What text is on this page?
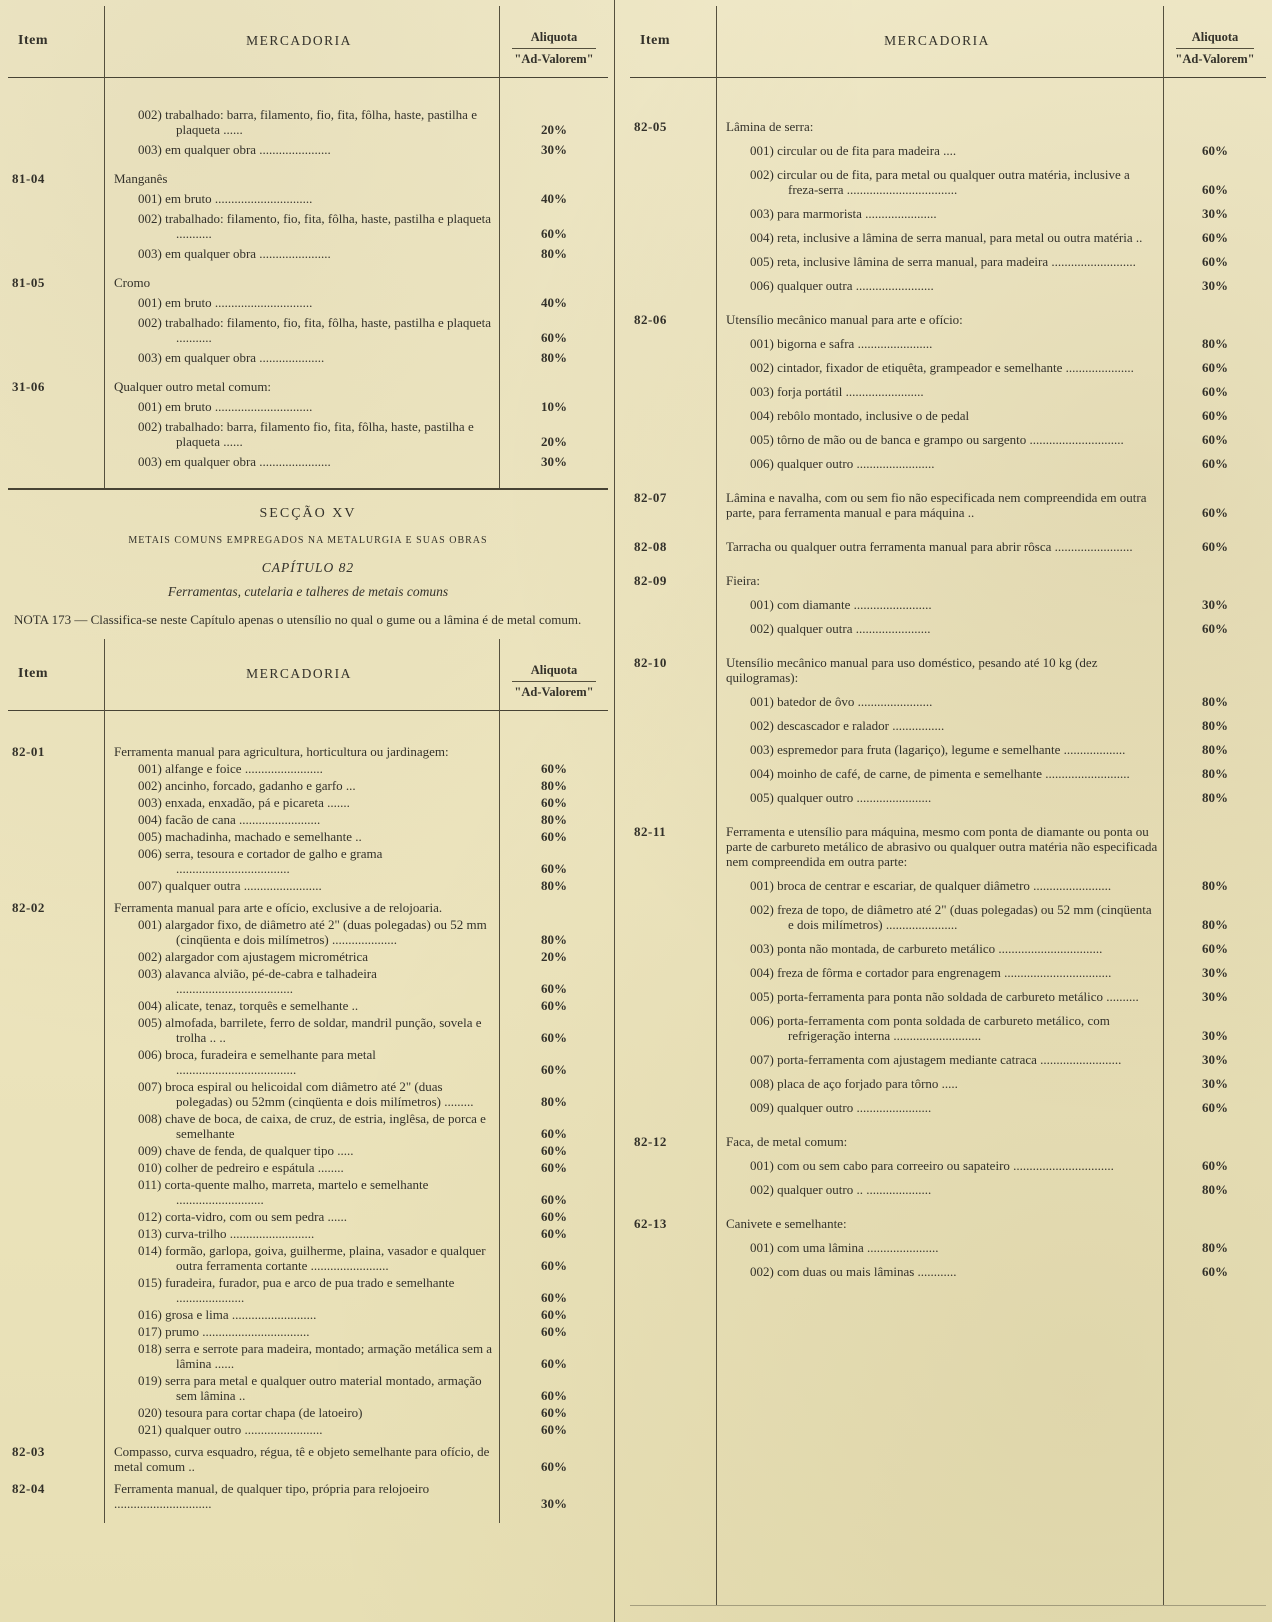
Item	MERCADORIA	Aliquota
"Ad-Valorem"
002) trabalhado: barra, filamento, fio, fita, fôlha, haste, pastilha e plaqueta ......	20%
003) em qualquer obra ......................	30%
81-04	Manganês
001) em bruto ..............................	40%
002) trabalhado: filamento, fio, fita, fôlha, haste, pastilha e plaqueta ...........	60%
003) em qualquer obra ......................	80%
81-05	Cromo
001) em bruto ..............................	40%
002) trabalhado: filamento, fio, fita, fôlha, haste, pastilha e plaqueta ...........	60%
003) em qualquer obra ....................	80%
31-06	Qualquer outro metal comum:
001) em bruto ..............................	10%
002) trabalhado: barra, filamento fio, fita, fôlha, haste, pastilha e plaqueta ......	20%
003) em qualquer obra ......................	30%
SECÇÃO XV
METAIS COMUNS EMPREGADOS NA METALURGIA E SUAS OBRAS
CAPÍTULO 82
Ferramentas, cutelaria e talheres de metais comuns
NOTA 173 — Classifica-se neste Capítulo apenas o utensílio no qual o gume ou a lâmina é de metal comum.
Item	MERCADORIA	Aliquota
"Ad-Valorem"
82-01	Ferramenta manual para agricultura, horticultura ou jardinagem:
001) alfange e foice ........................	60%
002) ancinho, forcado, gadanho e garfo ...	80%
003) enxada, enxadão, pá e picareta .......	60%
004) facão de cana .........................	80%
005) machadinha, machado e semelhante ..	60%
006) serra, tesoura e cortador de galho e grama ...................................	60%
007) qualquer outra ........................	80%
82-02	Ferramenta manual para arte e ofício, exclusive a de relojoaria.
001) alargador fixo, de diâmetro até 2" (duas polegadas) ou 52 mm (cinqüenta e dois milímetros) ....................	80%
002) alargador com ajustagem micrométrica	20%
003) alavanca alvião, pé-de-cabra e talhadeira ....................................	60%
004) alicate, tenaz, torquês e semelhante ..	60%
005) almofada, barrilete, ferro de soldar, mandril punção, sovela e trolha .. ..	60%
006) broca, furadeira e semelhante para metal .....................................	60%
007) broca espiral ou helicoidal com diâmetro até 2" (duas polegadas) ou 52mm (cinqüenta e dois milímetros) .........	80%
008) chave de boca, de caixa, de cruz, de estria, inglêsa, de porca e semelhante	60%
009) chave de fenda, de qualquer tipo .....	60%
010) colher de pedreiro e espátula ........	60%
011) corta-quente malho, marreta, martelo e semelhante ...........................	60%
012) corta-vidro, com ou sem pedra ......	60%
013) curva-trilho ..........................	60%
014) formão, garlopa, goiva, guilherme, plaina, vasador e qualquer outra ferramenta cortante ........................	60%
015) furadeira, furador, pua e arco de pua trado e semelhante .....................	60%
016) grosa e lima ..........................	60%
017) prumo .................................	60%
018) serra e serrote para madeira, montado; armação metálica sem a lâmina ......	60%
019) serra para metal e qualquer outro material montado, armação sem lâmina ..	60%
020) tesoura para cortar chapa (de latoeiro)	60%
021) qualquer outro ........................	60%
82-03	Compasso, curva esquadro, régua, tê e objeto semelhante para ofício, de metal comum ..	60%
82-04	Ferramenta manual, de qualquer tipo, própria para relojoeiro ..............................	30%
Item	MERCADORIA	Aliquota
"Ad-Valorem"
82-05	Lâmina de serra:
001) circular ou de fita para madeira ....	60%
002) circular ou de fita, para metal ou qualquer outra matéria, inclusive a freza-serra ..................................	60%
003) para marmorista ......................	30%
004) reta, inclusive a lâmina de serra manual, para metal ou outra matéria ..	60%
005) reta, inclusive lâmina de serra manual, para madeira ..........................	60%
006) qualquer outra ........................	30%
82-06	Utensílio mecânico manual para arte e ofício:
001) bigorna e safra .......................	80%
002) cintador, fixador de etiquêta, grampeador e semelhante .....................	60%
003) forja portátil ........................	60%
004) rebôlo montado, inclusive o de pedal	60%
005) tôrno de mão ou de banca e grampo ou sargento .............................	60%
006) qualquer outro ........................	60%
82-07	Lâmina e navalha, com ou sem fio não especificada nem compreendida em outra parte, para ferramenta manual e para máquina ..	60%
82-08	Tarracha ou qualquer outra ferramenta manual para abrir rôsca ........................	60%
82-09	Fieira:
001) com diamante ........................	30%
002) qualquer outra .......................	60%
82-10	Utensílio mecânico manual para uso doméstico, pesando até 10 kg (dez quilogramas):
001) batedor de ôvo .......................	80%
002) descascador e ralador ................	80%
003) espremedor para fruta (lagariço), legume e semelhante ...................	80%
004) moinho de café, de carne, de pimenta e semelhante ..........................	80%
005) qualquer outro .......................	80%
82-11	Ferramenta e utensílio para máquina, mesmo com ponta de diamante ou ponta ou parte de carbureto metálico de abrasivo ou qualquer outra matéria não especificada nem compreendida em outra parte:
001) broca de centrar e escariar, de qualquer diâmetro ........................	80%
002) freza de topo, de diâmetro até 2" (duas polegadas) ou 52 mm (cinqüenta e dois milímetros) ......................	80%
003) ponta não montada, de carbureto metálico ................................	60%
004) freza de fôrma e cortador para engrenagem .................................	30%
005) porta-ferramenta para ponta não soldada de carbureto metálico ..........	30%
006) porta-ferramenta com ponta soldada de carbureto metálico, com refrigeração interna ...........................	30%
007) porta-ferramenta com ajustagem mediante catraca .........................	30%
008) placa de aço forjado para tôrno .....	30%
009) qualquer outro .......................	60%
82-12	Faca, de metal comum:
001) com ou sem cabo para correeiro ou sapateiro ...............................	60%
002) qualquer outro .. ....................	80%
62-13	Canivete e semelhante:
001) com uma lâmina ......................	80%
002) com duas ou mais lâminas ............	60%
